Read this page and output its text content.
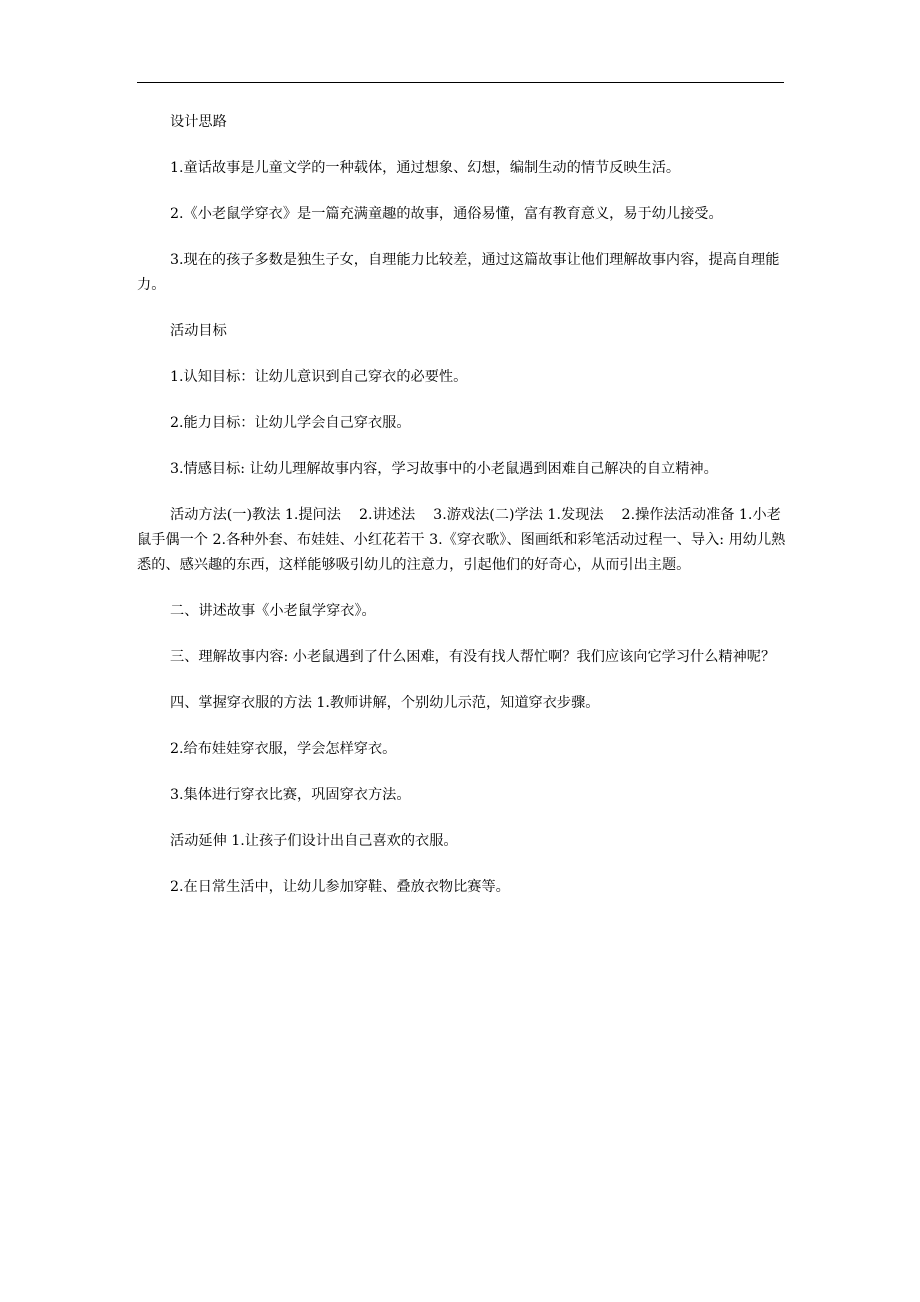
设计思路

1.童话故事是儿童文学的一种载体，通过想象、幻想，编制生动的情节反映生活。

2.《小老鼠学穿衣》是一篇充满童趣的故事，通俗易懂，富有教育意义，易于幼儿接受。

3.现在的孩子多数是独生子女，自理能力比较差，通过这篇故事让他们理解故事内容，提高自理能力。

活动目标

1.认知目标：让幼儿意识到自己穿衣的必要性。

2.能力目标：让幼儿学会自己穿衣服。

3.情感目标: 让幼儿理解故事内容，学习故事中的小老鼠遇到困难自己解决的自立精神。

活动方法(一)教法 1.提问法    2.讲述法    3.游戏法(二)学法 1.发现法    2.操作法活动准备 1.小老鼠手偶一个 2.各种外套、布娃娃、小红花若干 3.《穿衣歌》、图画纸和彩笔活动过程一、导入: 用幼儿熟悉的、感兴趣的东西，这样能够吸引幼儿的注意力，引起他们的好奇心，从而引出主题。

二、讲述故事《小老鼠学穿衣》。

三、理解故事内容: 小老鼠遇到了什么困难，有没有找人帮忙啊？我们应该向它学习什么精神呢？

四、掌握穿衣服的方法 1.教师讲解，个别幼儿示范，知道穿衣步骤。

2.给布娃娃穿衣服，学会怎样穿衣。

3.集体进行穿衣比赛，巩固穿衣方法。

活动延伸 1.让孩子们设计出自己喜欢的衣服。

2.在日常生活中，让幼儿参加穿鞋、叠放衣物比赛等。
